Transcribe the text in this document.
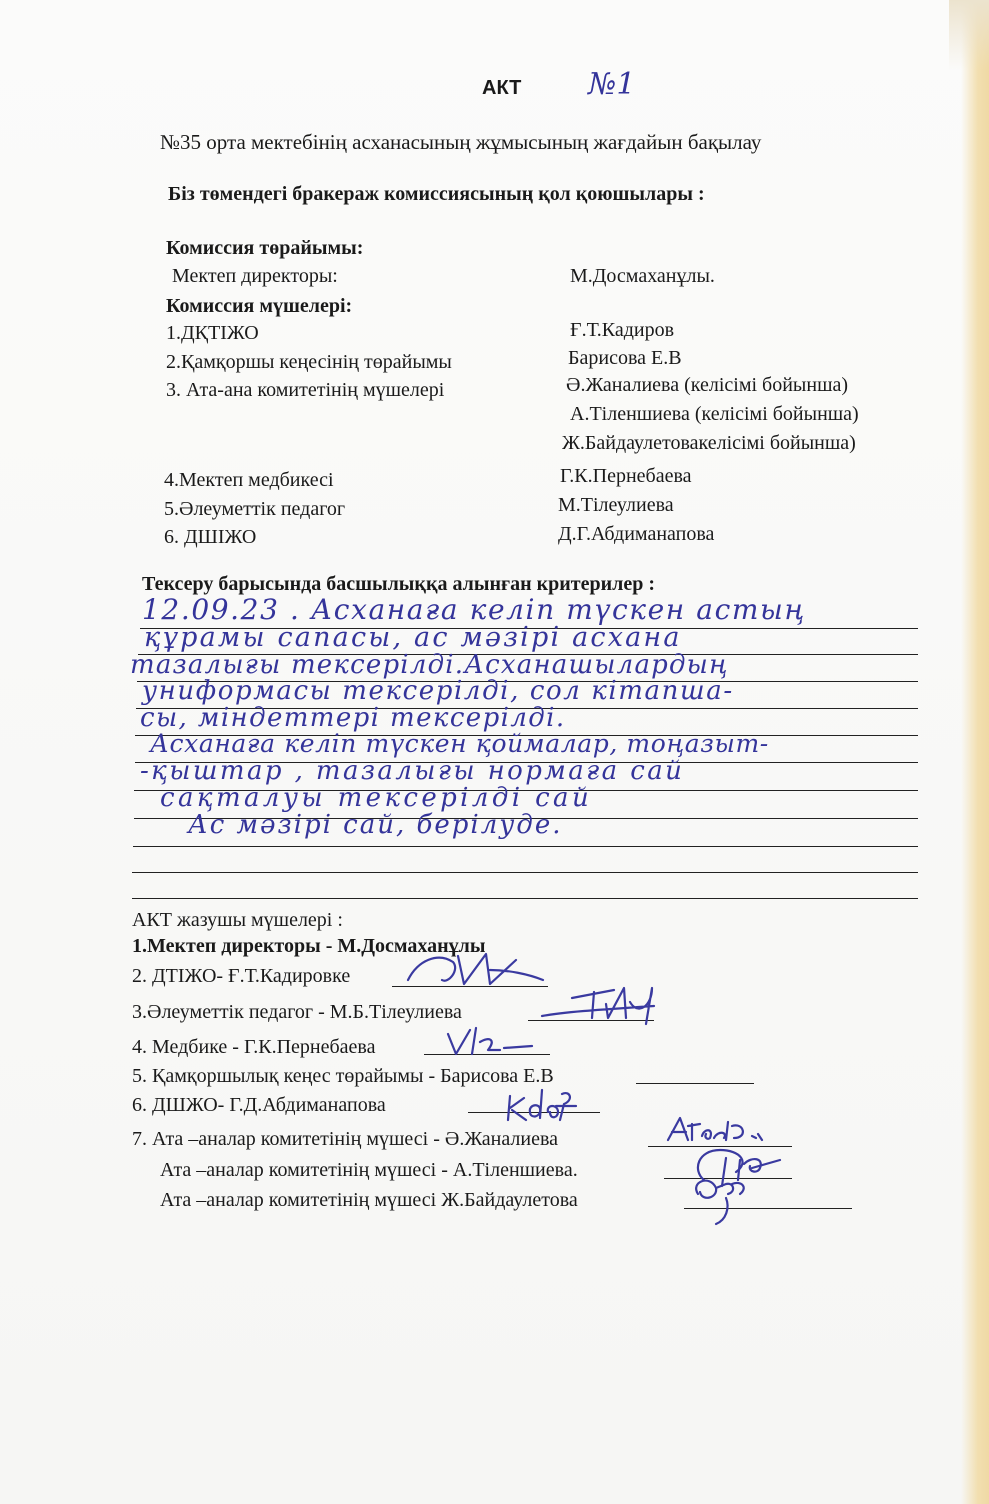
АКТ №1
№35 орта мектебінің асханасының жұмысының жағдайын бақылау
Біз төмендегі бракераж комиссиясының қол қоюшылары :
Комиссия төрайымы:
Мектеп директоры:	М.Досмаханұлы.
Комиссия мүшелері:
1.ДҚТІЖО	Ғ.Т.Кадиров
2.Қамқоршы кеңесінің төрайымы	Барисова Е.В
3. Ата-ана комитетінің мүшелері	Ә.Жаналиева (келісімі бойынша)
А.Тіленшиева (келісімі бойынша)
Ж.Байдаулетовакелісімі бойынша)
4.Мектеп медбикесі	Г.К.Пернебаева
5.Әлеуметтік педагог	М.Тілеулиева
6. ДШІЖО	Д.Г.Абдиманапова
Тексеру барысында басшылыққа алынған критерилер :
12.09.23 . Асханаға келіп түскен астың
құрамы сапасы, ас мәзірі асхана
тазалығы тексерілді.Асханашылардың
униформасы тексерілді, сол кітапша-
сы, міндеттері тексерілді.
Асханаға келіп түскен қоймалар, тоңазыт-
-қыштар , тазалығы нормаға сай
сақталуы тексерілді сай
Ас мәзірі сай, берілуде.
АКТ жазушы мүшелері :
1.Мектеп директоры - М.Досмаханұлы
2. ДТІЖО- Ғ.Т.Кадировке
3.Әлеуметтік педагог - М.Б.Тілеулиева
4. Медбике - Г.К.Пернебаева
5. Қамқоршылық кеңес төрайымы - Барисова Е.В
6. ДШЖО- Г.Д.Абдиманапова
7. Ата –аналар комитетінің мүшесі - Ә.Жаналиева
Ата –аналар комитетінің мүшесі - А.Тіленшиева.
Ата –аналар комитетінің мүшесі Ж.Байдаулетова
